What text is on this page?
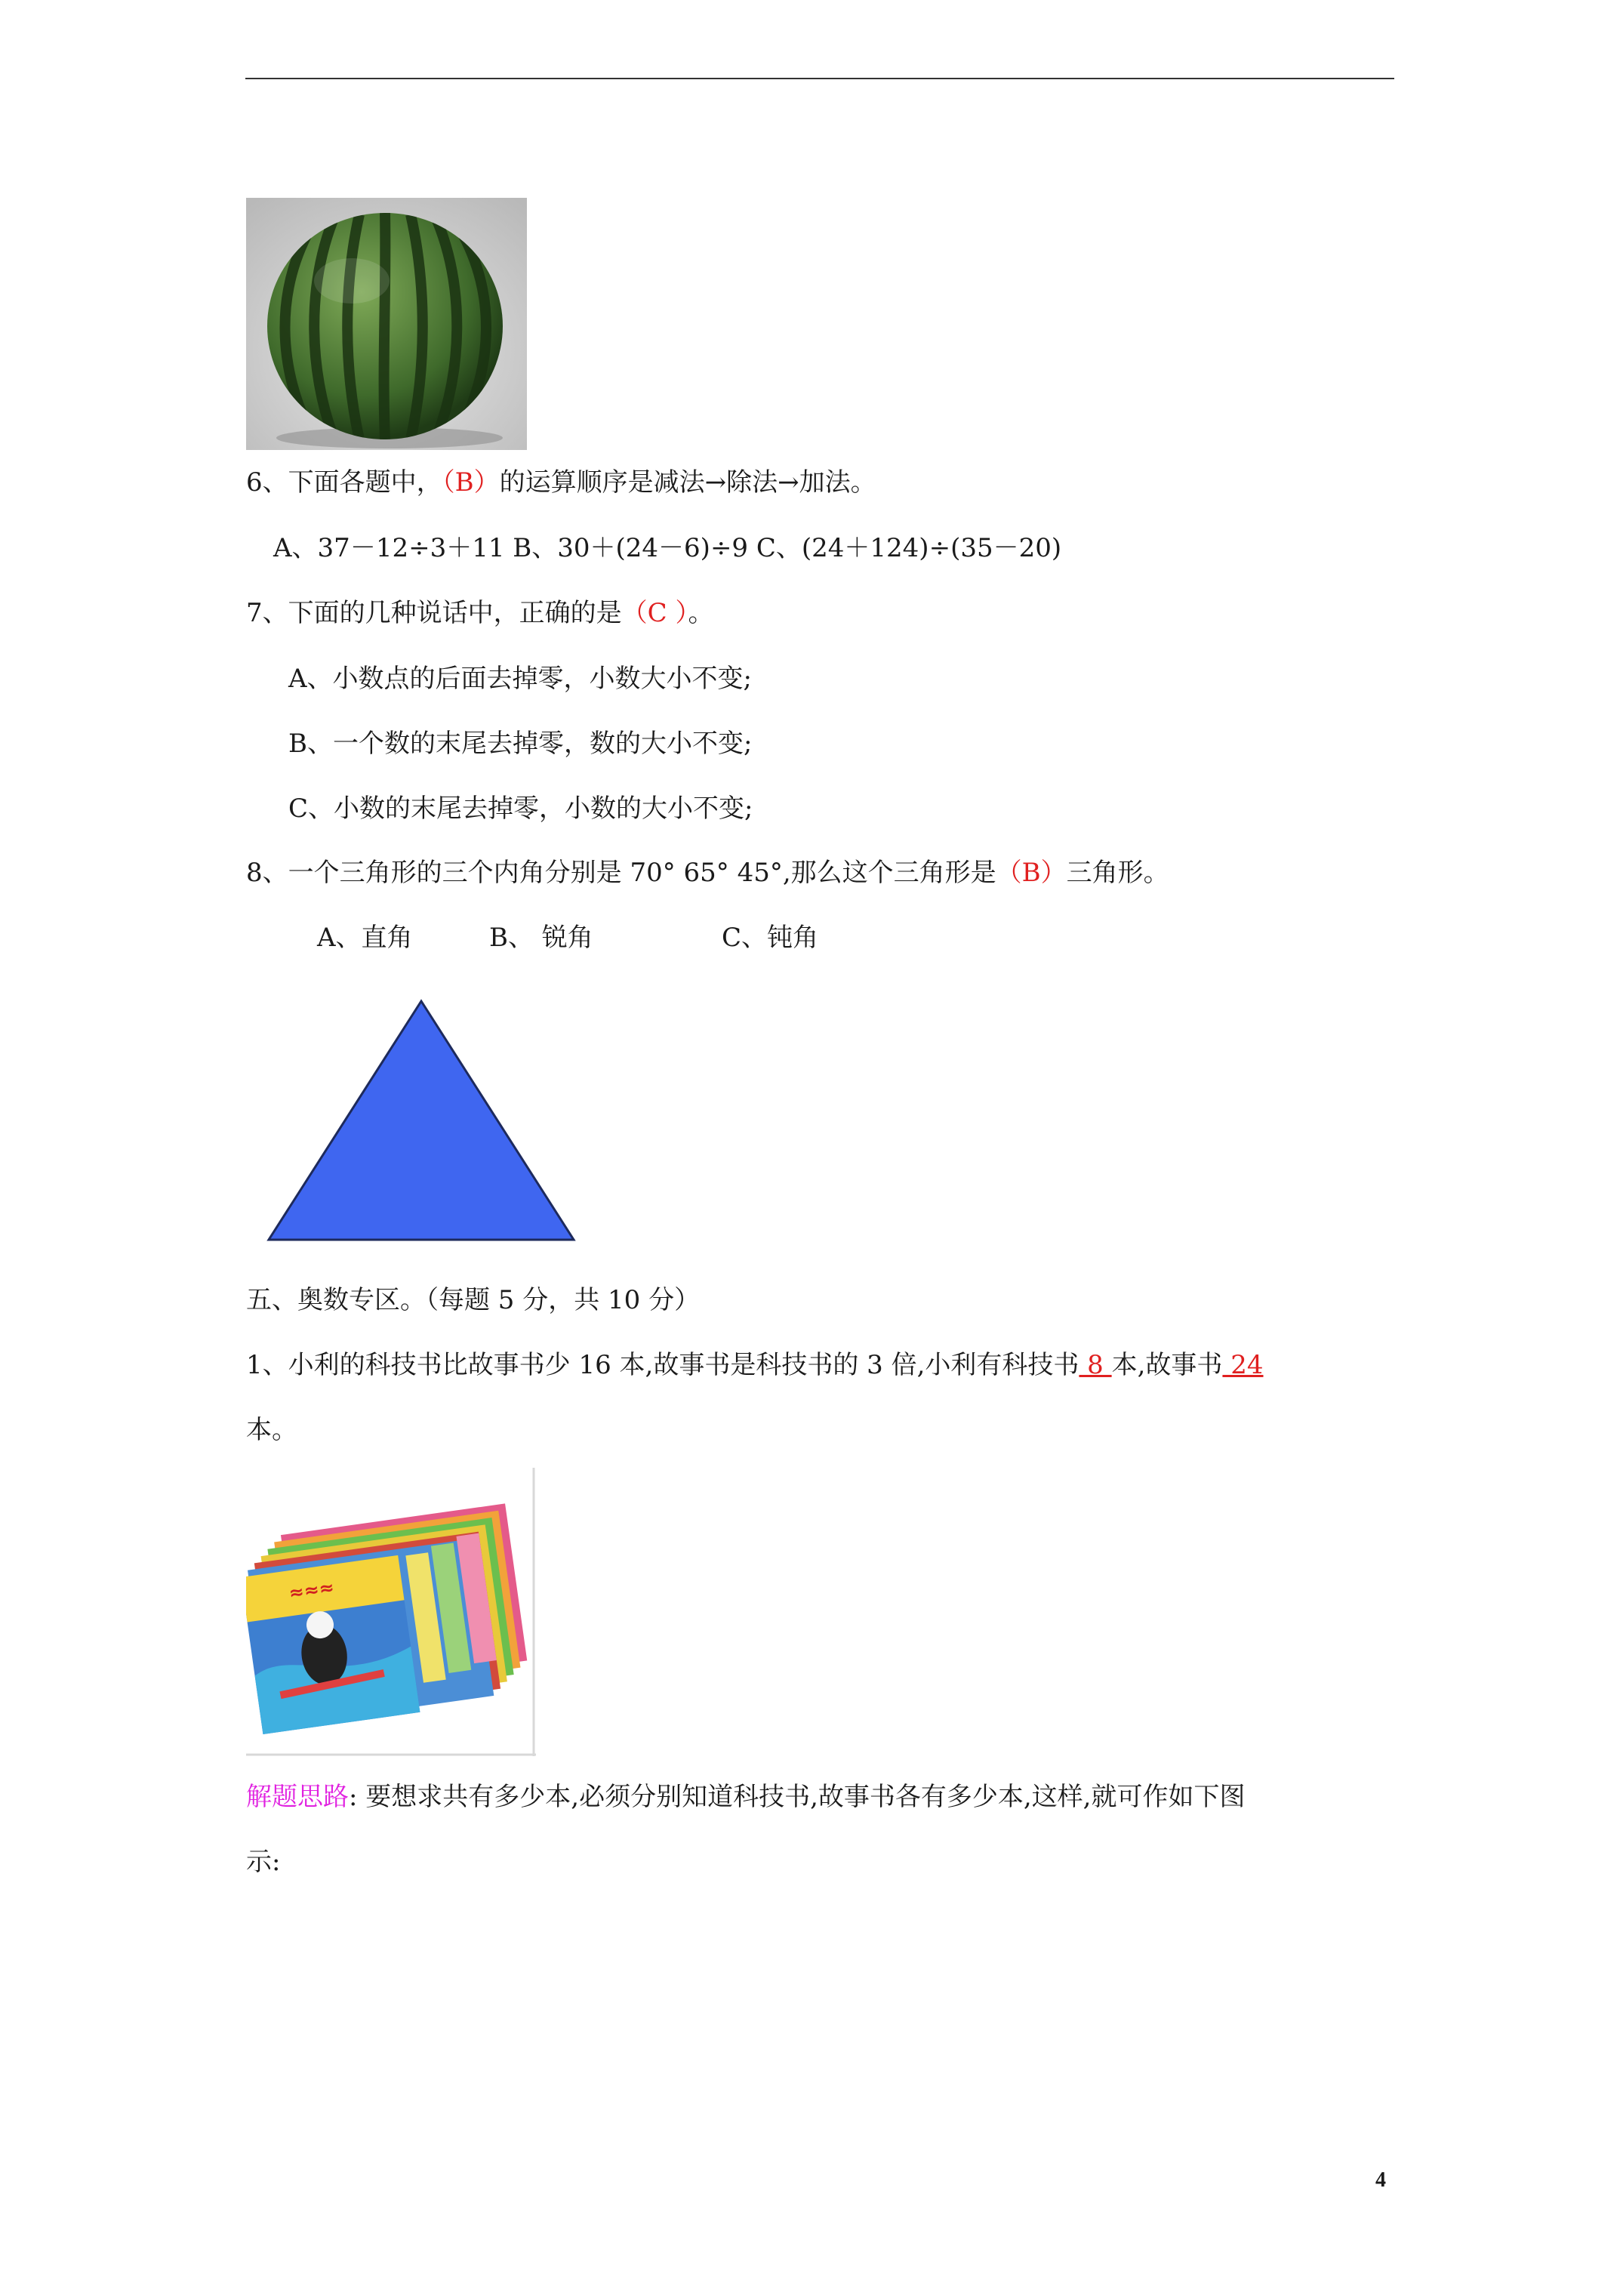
6、下面各题中，（B）的运算顺序是减法→除法→加法。
A、37－12÷3＋11 B、30＋(24－6)÷9 C、(24＋124)÷(35－20)
7、下面的几种说话中，正确的是（C ）。
A、小数点的后面去掉零，小数大小不变;
B、一个数的末尾去掉零，数的大小不变;
C、小数的末尾去掉零，小数的大小不变;
8、一个三角形的三个内角分别是 70° 65° 45°,那么这个三角形是（B）三角形。
A、直角	B、 锐角	C、钝角
五、奥数专区。（每题 5 分，共 10 分）
1、小利的科技书比故事书少 16 本,故事书是科技书的 3 倍,小利有科技书 8 本,故事书 24
本。
≈≈≈
解题思路: 要想求共有多少本,必须分别知道科技书,故事书各有多少本,这样,就可作如下图
示:
4
